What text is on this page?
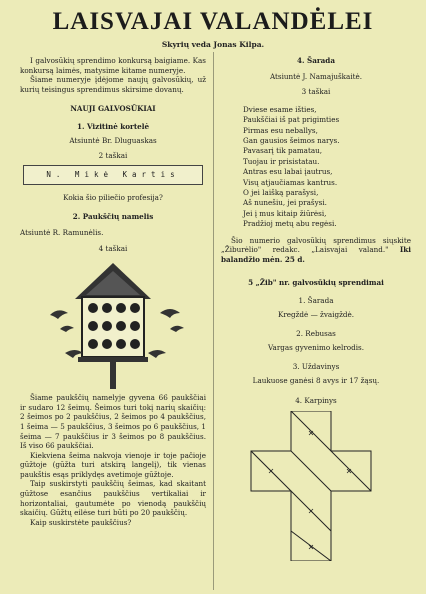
LAISVAJAI VALANDĖLEI
Skyrių veda Jonas Kilpa.

I galvosūkių sprendimo konkursą baigiame. Kas konkursą laimės, matysime kitame numeryje.

Šiame numeryje įdėjome naujų galvosūkių, už kurių teisingus sprendimus skirsime dovanų.

NAUJI GALVOSŪKIAI
1. Vizitinė kortelė
Atsiuntė Br. Dluguaskas
2 taškai
N. Mikė Kartis
Kokia šio piliečio profesija?
2. Paukščių namelis
Atsiuntė R. Ramunėlis.
4 taškai

Šiame paukščių namelyje gyvena 66 paukščiai ir sudaro 12 šeimų. Šeimos turi tokį narių skaičių: 2 šeimos po 2 paukščius, 2 šeimos po 4 paukščius, 1 šeima — 5 paukščius, 3 šeimos po 6 paukščius, 1 šeima — 7 paukščius ir 3 šeimos po 8 paukščius. Iš viso 66 paukščiai.

Kiekviena šeima nakvoja vienoje ir toje pačioje gūžtoje (gūžta turi atskirą langelį), tik vienas paukštis esąs priklydęs avetimoje gūžtoje.

Taip suskirstyti paukščių šeimas, kad skaitant gūžtose esančius paukščius vertikaliai ir horizontaliai, gautumėte po vienodą paukščių skaičių. Gūžtų eilėse turi būti po 20 paukščių.

Kaip suskirstėte paukščius?

4. Šarada
Atsiuntė J. Namajuškaitė.
3 taškai
Dviese esame išties,
Paukščiai iš pat prigimties
Pirmas esu neballys,
Gan gausios šeimos narys.
Pavasarį tik pamatau,
Tuojau ir prisistatau.
Antras esu labai įautrus,
Visų atjaučiamas kantrus.
O jei laišką parašysi,
Aš nunešiu, jei prašysi.
Jei į mus kitaip žiūrėsi,
Pradžioj metų abu regėsi.

Šio numerio galvosūkių sprendimus siųskite „Žiburėlio" redakc. „Laisvajai valand." Iki balandžio mėn. 25 d.

5 „Žib" nr. galvosūkių sprendimai
1. Šarada
Kregždė — žvaigždė.
2. Rebusas
Vargas gyvenimo kelrodis.
3. Uždavinys
Laukuose ganėsi 8 avys ir 17 žąsų.
4. Karpinys
